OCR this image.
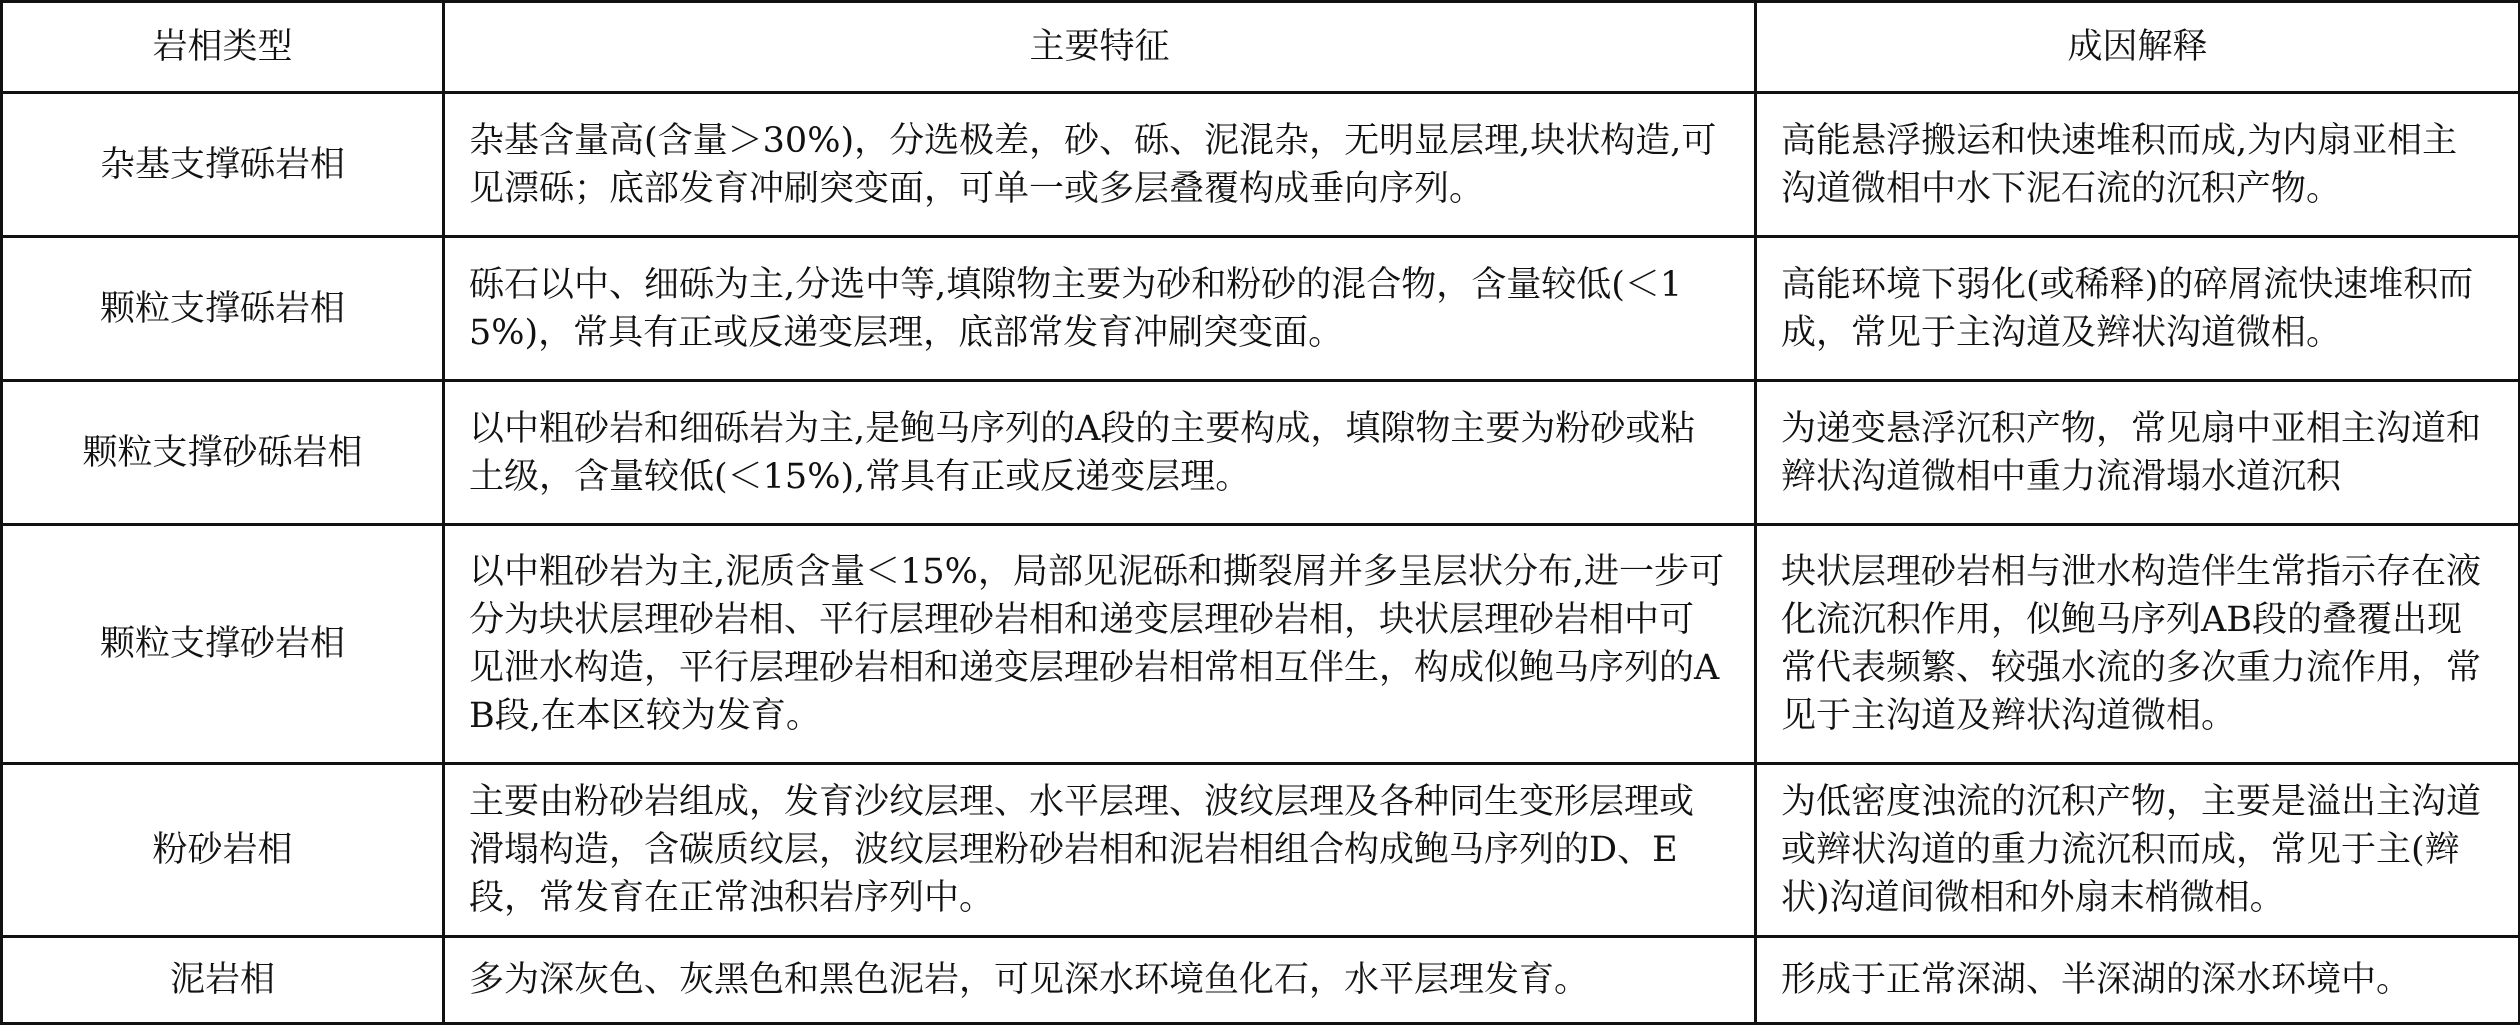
岩相类型	主要特征	成因解释
杂基支撑砾岩相	杂基含量高(含量＞30%)，分选极差，砂、砾、泥混杂，无明显层理,块状构造,可见漂砾；底部发育冲刷突变面，可单一或多层叠覆构成垂向序列。	高能悬浮搬运和快速堆积而成,为内扇亚相主沟道微相中水下泥石流的沉积产物。
颗粒支撑砾岩相	砾石以中、细砾为主,分选中等,填隙物主要为砂和粉砂的混合物，含量较低(＜15%)，常具有正或反递变层理，底部常发育冲刷突变面。	高能环境下弱化(或稀释)的碎屑流快速堆积而成，常见于主沟道及辫状沟道微相。
颗粒支撑砂砾岩相	以中粗砂岩和细砾岩为主,是鲍马序列的A段的主要构成，填隙物主要为粉砂或粘土级，含量较低(＜15%),常具有正或反递变层理。	为递变悬浮沉积产物，常见扇中亚相主沟道和辫状沟道微相中重力流滑塌水道沉积
颗粒支撑砂岩相	以中粗砂岩为主,泥质含量＜15%，局部见泥砾和撕裂屑并多呈层状分布,进一步可分为块状层理砂岩相、平行层理砂岩相和递变层理砂岩相，块状层理砂岩相中可见泄水构造，平行层理砂岩相和递变层理砂岩相常相互伴生，构成似鲍马序列的AB段,在本区较为发育。	块状层理砂岩相与泄水构造伴生常指示存在液化流沉积作用，似鲍马序列AB段的叠覆出现常代表频繁、较强水流的多次重力流作用，常见于主沟道及辫状沟道微相。
粉砂岩相	主要由粉砂岩组成，发育沙纹层理、水平层理、波纹层理及各种同生变形层理或滑塌构造，含碳质纹层，波纹层理粉砂岩相和泥岩相组合构成鲍马序列的D、E段，常发育在正常浊积岩序列中。	为低密度浊流的沉积产物，主要是溢出主沟道或辫状沟道的重力流沉积而成，常见于主(辫状)沟道间微相和外扇末梢微相。
泥岩相	多为深灰色、灰黑色和黑色泥岩，可见深水环境鱼化石，水平层理发育。	形成于正常深湖、半深湖的深水环境中。
